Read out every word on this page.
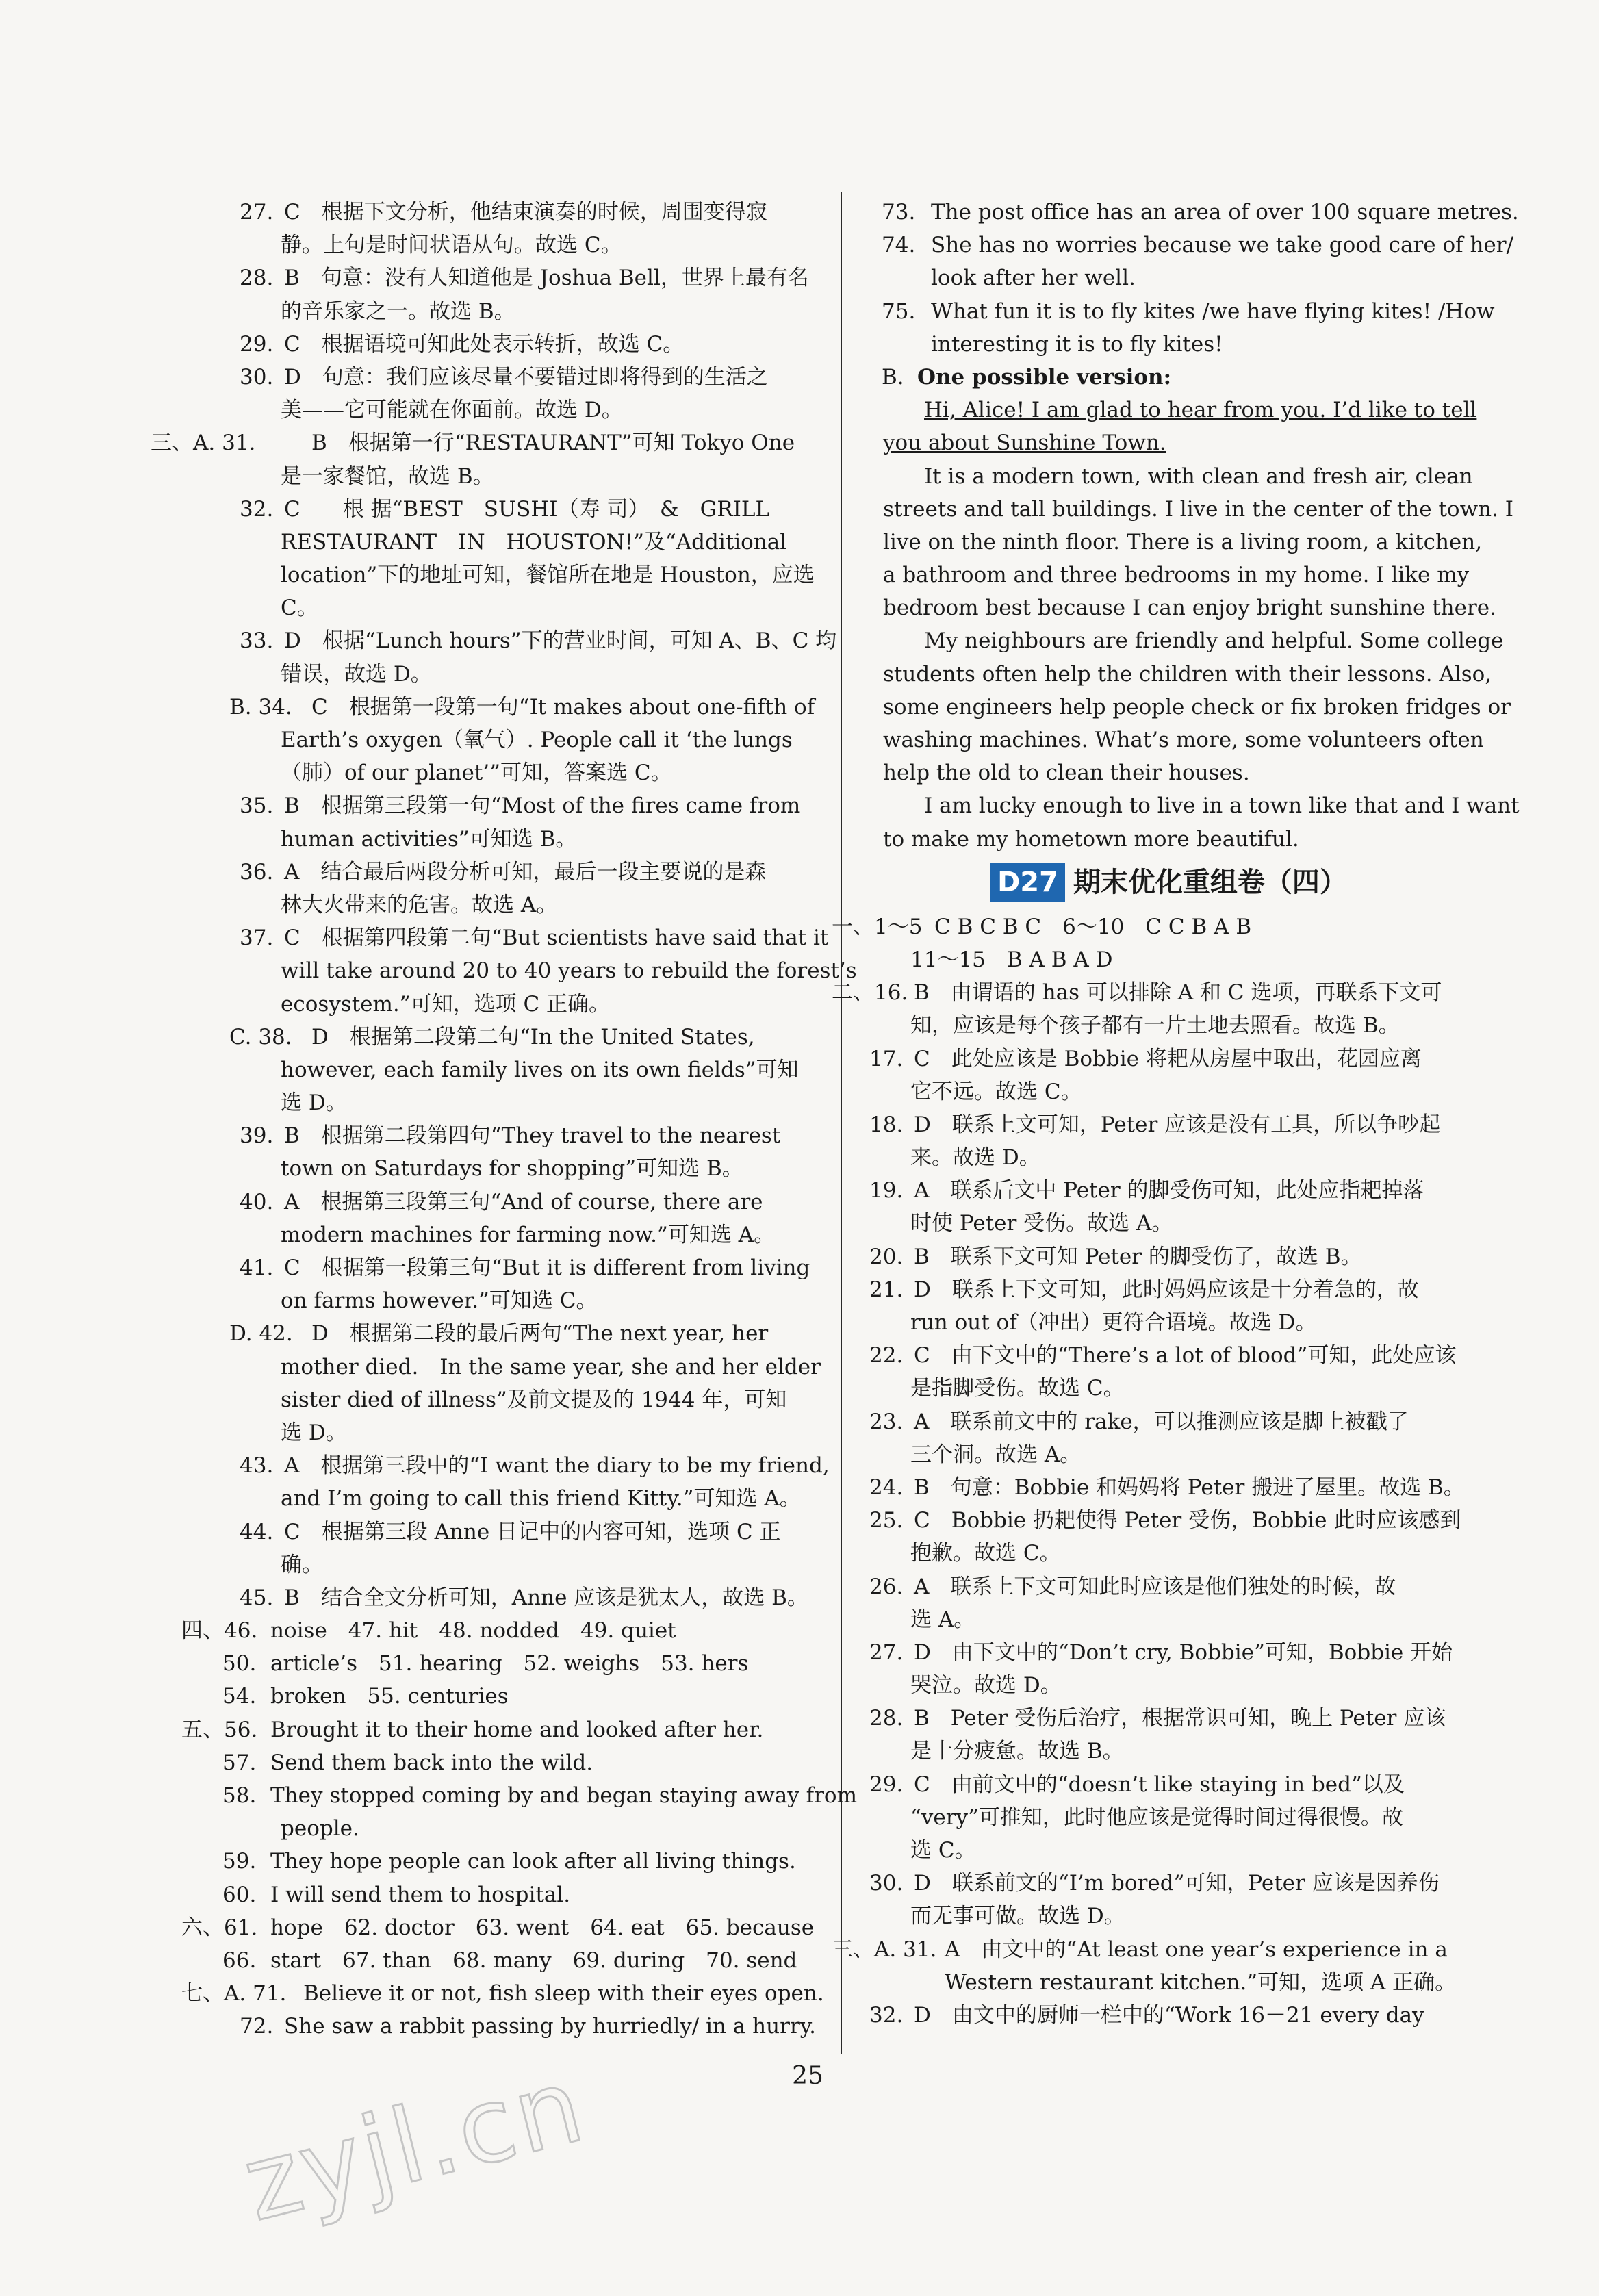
27. C　根据下文分析，他结束演奏的时候，周围变得寂
静。上句是时间状语从句。故选 C。
28. B　句意：没有人知道他是 Joshua Bell，世界上最有名
的音乐家之一。故选 B。
29. C　根据语境可知此处表示转折，故选 C。
30. D　句意：我们应该尽量不要错过即将得到的生活之
美——它可能就在你面前。故选 D。
三、A. 31.	B　根据第一行“RESTAURANT”可知 Tokyo One
是一家餐馆，故选 B。
32. C　　根 据“BEST　SUSHI（寿 司）　&　GRILL
RESTAURANT　IN　HOUSTON!”及“Additional
location”下的地址可知，餐馆所在地是 Houston，应选
C。
33. D　根据“Lunch hours”下的营业时间，可知 A、B、C 均
错误，故选 D。
B. 34. C　根据第一段第一句“It makes about one-fifth of
Earth’s oxygen（氧气）. People call it ‘the lungs
（肺）of our planet’”可知，答案选 C。
35. B　根据第三段第一句“Most of the fires came from
human activities”可知选 B。
36. A　结合最后两段分析可知，最后一段主要说的是森
林大火带来的危害。故选 A。
37. C　根据第四段第二句“But scientists have said that it
will take around 20 to 40 years to rebuild the forest’s
ecosystem.”可知，选项 C 正确。
C. 38. D　根据第二段第二句“In the United States,
however, each family lives on its own fields”可知
选 D。
39. B　根据第二段第四句“They travel to the nearest
town on Saturdays for shopping”可知选 B。
40. A　根据第三段第三句“And of course, there are
modern machines for farming now.”可知选 A。
41. C　根据第一段第三句“But it is different from living
on farms however.”可知选 C。
D. 42. D　根据第二段的最后两句“The next year, her
mother died.　In the same year, she and her elder
sister died of illness”及前文提及的 1944 年，可知
选 D。
43. A　根据第三段中的“I want the diary to be my friend,
and I’m going to call this friend Kitty.”可知选 A。
44. C　根据第三段 Anne 日记中的内容可知，选项 C 正
确。
45. B　结合全文分析可知，Anne 应该是犹太人，故选 B。
四、46. noise　47. hit　48. nodded　49. quiet
50. article’s　51. hearing　52. weighs　53. hers
54. broken　55. centuries
五、56. Brought it to their home and looked after her.
57. Send them back into the wild.
58. They stopped coming by and began staying away from
people.
59. They hope people can look after all living things.
60. I will send them to hospital.
六、61. hope　62. doctor　63. went　64. eat　65. because
66. start　67. than　68. many　69. during　70. send
七、A. 71. Believe it or not, fish sleep with their eyes open.
72. She saw a rabbit passing by hurriedly/ in a hurry.
73. The post office has an area of over 100 square metres.
74. She has no worries because we take good care of her/
look after her well.
75. What fun it is to fly kites /we have flying kites! /How
interesting it is to fly kites!
B. One possible version:
Hi, Alice! I am glad to hear from you. I’d like to tell
you about Sunshine Town.
It is a modern town, with clean and fresh air, clean
streets and tall buildings. I live in the center of the town. I
live on the ninth floor. There is a living room, a kitchen,
a bathroom and three bedrooms in my home. I like my
bedroom best because I can enjoy bright sunshine there.
My neighbours are friendly and helpful. Some college
students often help the children with their lessons. Also,
some engineers help people check or fix broken fridges or
washing machines. What’s more, some volunteers often
help the old to clean their houses.
I am lucky enough to live in a town like that and I want
to make my hometown more beautiful.
D27 期末优化重组卷（四）
一、1～5 C B C B C　6～10　C C B A B
11～15　B A B A D
二、16. B　由谓语的 has 可以排除 A 和 C 选项，再联系下文可
知，应该是每个孩子都有一片土地去照看。故选 B。
17. C　此处应该是 Bobbie 将耙从房屋中取出，花园应离
它不远。故选 C。
18. D　联系上文可知，Peter 应该是没有工具，所以争吵起
来。故选 D。
19. A　联系后文中 Peter 的脚受伤可知，此处应指耙掉落
时使 Peter 受伤。故选 A。
20. B　联系下文可知 Peter 的脚受伤了，故选 B。
21. D　联系上下文可知，此时妈妈应该是十分着急的，故
run out of（冲出）更符合语境。故选 D。
22. C　由下文中的“There’s a lot of blood”可知，此处应该
是指脚受伤。故选 C。
23. A　联系前文中的 rake，可以推测应该是脚上被戳了
三个洞。故选 A。
24. B　句意：Bobbie 和妈妈将 Peter 搬进了屋里。故选 B。
25. C　Bobbie 扔耙使得 Peter 受伤，Bobbie 此时应该感到
抱歉。故选 C。
26. A　联系上下文可知此时应该是他们独处的时候，故
选 A。
27. D　由下文中的“Don’t cry, Bobbie”可知，Bobbie 开始
哭泣。故选 D。
28. B　Peter 受伤后治疗，根据常识可知，晚上 Peter 应该
是十分疲惫。故选 B。
29. C　由前文中的“doesn’t like staying in bed”以及
“very”可推知，此时他应该是觉得时间过得很慢。故
选 C。
30. D　联系前文的“I’m bored”可知，Peter 应该是因养伤
而无事可做。故选 D。
三、A. 31. A　由文中的“At least one year’s experience in a
Western restaurant kitchen.”可知，选项 A 正确。
32. D　由文中的厨师一栏中的“Work 16－21 every day
25
zyjl.cn
